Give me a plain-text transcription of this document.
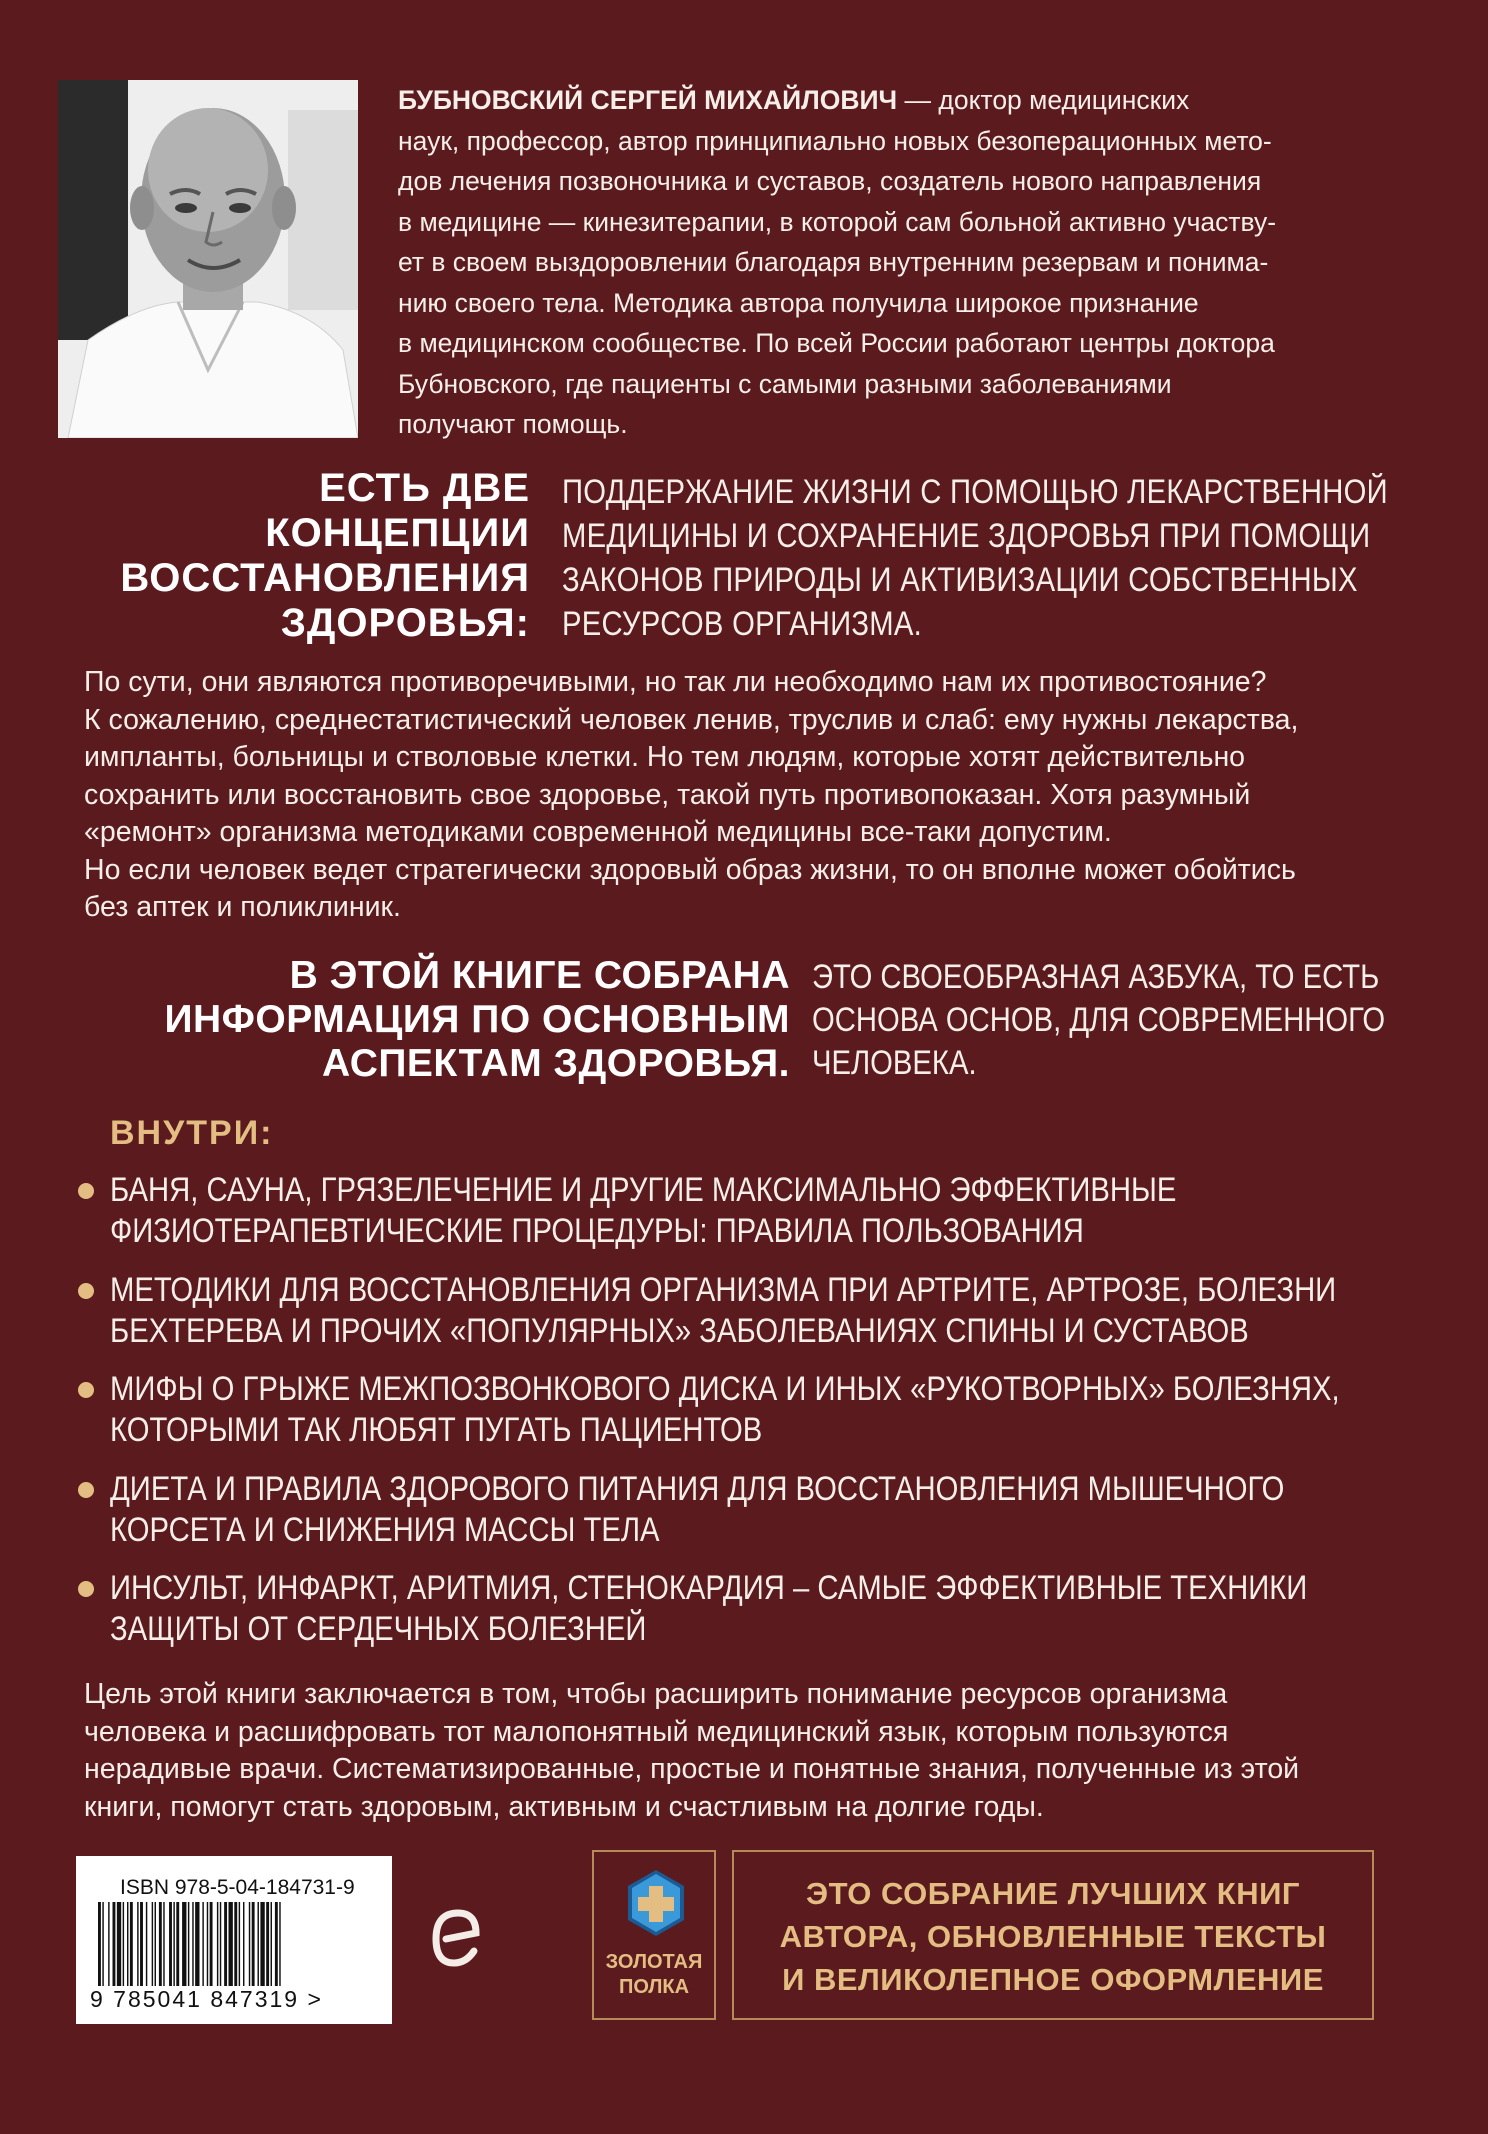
БУБНОВСКИЙ СЕРГЕЙ МИХАЙЛОВИЧ — доктор медицинских
наук, профессор, автор принципиально новых безоперационных мето-
дов лечения позвоночника и суставов, создатель нового направления
в медицине — кинезитерапии, в которой сам больной активно участву-
ет в своем выздоровлении благодаря внутренним резервам и понима-
нию своего тела. Методика автора получила широкое признание
в медицинском сообществе. По всей России работают центры доктора
Бубновского, где пациенты с самыми разными заболеваниями
получают помощь.
ЕСТЬ ДВЕ
КОНЦЕПЦИИ
ВОССТАНОВЛЕНИЯ
ЗДОРОВЬЯ:
ПОДДЕРЖАНИЕ ЖИЗНИ С ПОМОЩЬЮ ЛЕКАРСТВЕННОЙ
МЕДИЦИНЫ И СОХРАНЕНИЕ ЗДОРОВЬЯ ПРИ ПОМОЩИ
ЗАКОНОВ ПРИРОДЫ И АКТИВИЗАЦИИ СОБСТВЕННЫХ
РЕСУРСОВ ОРГАНИЗМА.
По сути, они являются противоречивыми, но так ли необходимо нам их противостояние?
К сожалению, среднестатистический человек ленив, труслив и слаб: ему нужны лекарства,
импланты, больницы и стволовые клетки. Но тем людям, которые хотят действительно
сохранить или восстановить свое здоровье, такой путь противопоказан. Хотя разумный
«ремонт» организма методиками современной медицины все-таки допустим.
Но если человек ведет стратегически здоровый образ жизни, то он вполне может обойтись
без аптек и поликлиник.
В ЭТОЙ КНИГЕ СОБРАНА
ИНФОРМАЦИЯ ПО ОСНОВНЫМ
АСПЕКТАМ ЗДОРОВЬЯ.
ЭТО СВОЕОБРАЗНАЯ АЗБУКА, ТО ЕСТЬ
ОСНОВА ОСНОВ, ДЛЯ СОВРЕМЕННОГО
ЧЕЛОВЕКА.
ВНУТРИ:
БАНЯ, САУНА, ГРЯЗЕЛЕЧЕНИЕ И ДРУГИЕ МАКСИМАЛЬНО ЭФФЕКТИВНЫЕ
ФИЗИОТЕРАПЕВТИЧЕСКИЕ ПРОЦЕДУРЫ: ПРАВИЛА ПОЛЬЗОВАНИЯ
МЕТОДИКИ ДЛЯ ВОССТАНОВЛЕНИЯ ОРГАНИЗМА ПРИ АРТРИТЕ, АРТРОЗЕ, БОЛЕЗНИ
БЕХТЕРЕВА И ПРОЧИХ «ПОПУЛЯРНЫХ» ЗАБОЛЕВАНИЯХ СПИНЫ И СУСТАВОВ
МИФЫ О ГРЫЖЕ МЕЖПОЗВОНКОВОГО ДИСКА И ИНЫХ «РУКОТВОРНЫХ» БОЛЕЗНЯХ,
КОТОРЫМИ ТАК ЛЮБЯТ ПУГАТЬ ПАЦИЕНТОВ
ДИЕТА И ПРАВИЛА ЗДОРОВОГО ПИТАНИЯ ДЛЯ ВОССТАНОВЛЕНИЯ МЫШЕЧНОГО
КОРСЕТА И СНИЖЕНИЯ МАССЫ ТЕЛА
ИНСУЛЬТ, ИНФАРКТ, АРИТМИЯ, СТЕНОКАРДИЯ – САМЫЕ ЭФФЕКТИВНЫЕ ТЕХНИКИ
ЗАЩИТЫ ОТ СЕРДЕЧНЫХ БОЛЕЗНЕЙ
Цель этой книги заключается в том, чтобы расширить понимание ресурсов организма
человека и расшифровать тот малопонятный медицинский язык, которым пользуются
нерадивые врачи. Систематизированные, простые и понятные знания, полученные из этой
книги, помогут стать здоровым, активным и счастливым на долгие годы.
ISBN 978-5-04-184731-9
9 785041 847319 >
ЗОЛОТАЯ
ПОЛКА
ЭТО СОБРАНИЕ ЛУЧШИХ КНИГ
АВТОРА, ОБНОВЛЕННЫЕ ТЕКСТЫ
И ВЕЛИКОЛЕПНОЕ ОФОРМЛЕНИЕ
